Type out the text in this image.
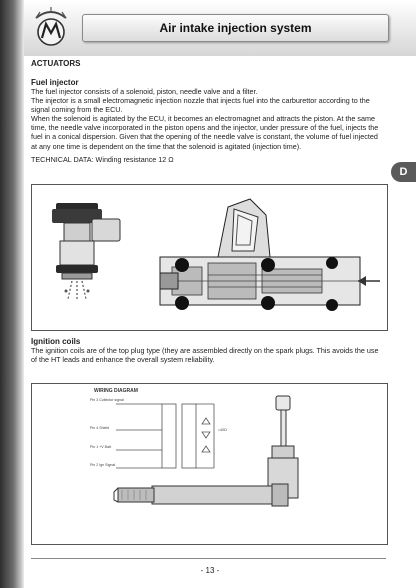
Air intake injection system
D
ACTUATORS
Fuel injector

The fuel injector consists of a solenoid, piston, needle valve and a filter.

The injector is a small electromagnetic injection nozzle that injects fuel into the carburettor according to the signal coming from the ECU.

When the solenoid is agitated by the ECU, it becomes an electromagnet and attracts the piston. At the same time, the needle valve incorporated in the piston opens and the injector, under pressure of the fuel, injects the fuel in a conical dispersion. Given that the opening of the needle valve is constant, the volume of fuel injected at any one time is dependent on the time that the solenoid is agitated (injection time).

TECHNICAL DATA: Winding resistance 12 Ω

Ignition coils

The ignition coils are of the top plug type (they are assembled directly on the spark plugs. This avoids the use of the HT leads and enhance the overall system reliability.

WIRING DIAGRAM
Pin 3 Collector signal
Pin 4 Shield
Pin 1 +V Batt
Pin 2 Ign Signal
≈40Ω
- 13 -
